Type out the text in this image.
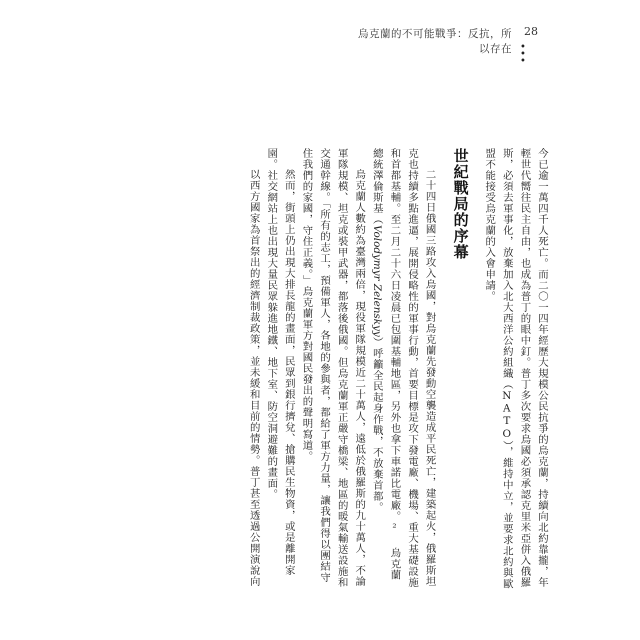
烏克蘭的不可能戰爭：反抗，所以存在
28
• • •

今已逾一萬四千人死亡。而二〇一四年經歷大規模公民抗爭的烏克蘭，持續向北約靠攏，年輕世代嚮往民主自由，也成為普丁的眼中釘。普丁多次要求烏國必須承認克里米亞併入俄羅斯，必須去軍事化，放棄加入北大西洋公約組織（NATO），維持中立，並要求北約與歐盟不能接受烏克蘭的入會申請。

世紀戰局的序幕

二十四日俄國三路攻入烏國，對烏克蘭先發動空襲造成平民死亡，建築起火，俄羅斯坦克也持續多點進逼，展開侵略性的軍事行動，首要目標是攻下發電廠、機場、重大基礎設施和首都基輔。至二月二十六日凌晨已包圍基輔地區，另外也拿下車諾比電廠。² 烏克蘭總統澤倫斯基（Volodymyr Zelenskyy）呼籲全民起身作戰，不放棄首都。

烏克蘭人數約為臺灣兩倍，現役軍隊規模近二十萬人，遠低於俄羅斯的九十萬人，不論軍隊規模、坦克或裝甲武器，都落後俄國。但烏克蘭軍正嚴守橋梁、地區的暖氣輸送設施和交通幹線。「所有的志工，預備軍人，各地的參與者，都給了軍方力量，讓我們得以團結守住我們的家國，守住正義。」烏克蘭軍方對國民發出的聲明寫道。

然而，街頭上仍出現大排長龍的畫面，民眾到銀行擠兌、搶購民生物資，或是離開家園。社交網站上也出現大量民眾躲進地鐵、地下室、防空洞避難的畫面。

以西方國家為首祭出的經濟制裁政策，並未緩和目前的情勢。普丁甚至透過公開演說向
